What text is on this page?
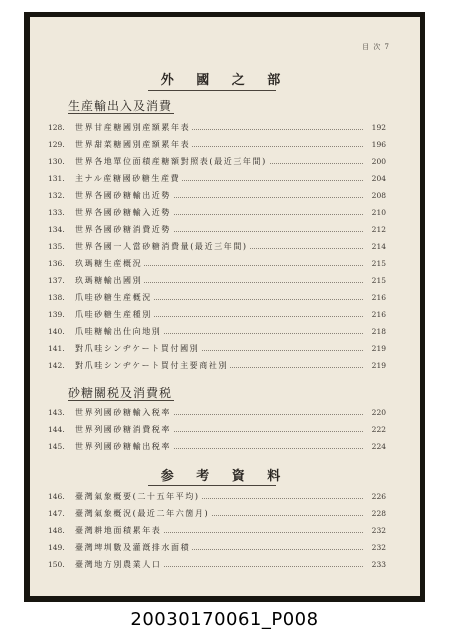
目 次 7
外 國 之 部
生産輸出入及消費
128. 世界甘産糖國別産額累年表	192
129. 世界甜菜糖國別産額累年表	196
130. 世界各地單位面積産糖額對照表(最近三年間)	200
131. 主ナル産糖國砂糖生産費	204
132. 世界各國砂糖輸出近勢	208
133. 世界各國砂糖輸入近勢	210
134. 世界各國砂糖消費近勢	212
135. 世界各國一人當砂糖消費量(最近三年間)	214
136. 玖瑪糖生産概況	215
137. 玖瑪糖輸出國別	215
138. 爪哇砂糖生産概況	216
139. 爪哇砂糖生産種別	216
140. 爪哇糖輸出仕向地別	218
141. 對爪哇シンヂケート買付國別	219
142. 對爪哇シンヂケート買付主要商社別	219
砂糖關税及消費税
143. 世界列國砂糖輸入税率	220
144. 世界列國砂糖消費税率	222
145. 世界列國砂糖輸出税率	224
参 考 資 料
146. 臺灣氣象概要(二十五年平均)	226
147. 臺灣氣象概況(最近二年六箇月)	228
148. 臺灣耕地面積累年表	232
149. 臺灣埤圳數及灌漑排水面積	232
150. 臺灣地方別農業人口	233
20030170061_P008
